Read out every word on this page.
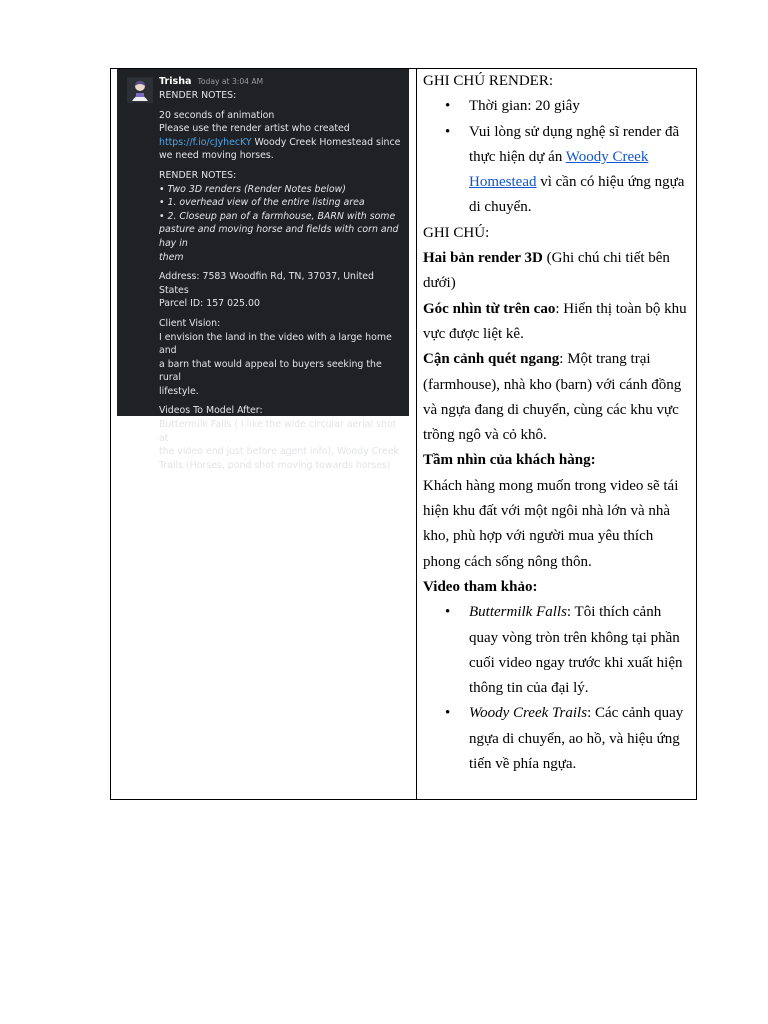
Trisha Today at 3:04 AM

RENDER NOTES:

20 seconds of animation

Please use the render artist who created

https://f.io/cJyhecKY Woody Creek Homestead since

we need moving horses.

RENDER NOTES:

• Two 3D renders (Render Notes below)

• 1. overhead view of the entire listing area

• 2. Closeup pan of a farmhouse, BARN with some

pasture and moving horse and fields with corn and hay in

them

Address: 7583 Woodfin Rd, TN, 37037, United States

Parcel ID: 157 025.00

Client Vision:

I envision the land in the video with a large home and

a barn that would appeal to buyers seeking the rural

lifestyle.

Videos To Model After:

Buttermilk Falls ( I like the wide circular aerial shot at

the video end just before agent info), Woody Creek

Trails (Horses, pond shot moving towards horses)

GHI CHÚ RENDER:
• Thời gian: 20 giây
• Vui lòng sử dụng nghệ sĩ render đã thực hiện dự án Woody Creek Homestead vì cần có hiệu ứng ngựa di chuyển.
GHI CHÚ:
Hai bản render 3D (Ghi chú chi tiết bên dưới)
Góc nhìn từ trên cao: Hiển thị toàn bộ khu vực được liệt kê.
Cận cảnh quét ngang: Một trang trại (farmhouse), nhà kho (barn) với cánh đồng và ngựa đang di chuyển, cùng các khu vực trồng ngô và cỏ khô.
Tầm nhìn của khách hàng:
Khách hàng mong muốn trong video sẽ tái hiện khu đất với một ngôi nhà lớn và nhà kho, phù hợp với người mua yêu thích phong cách sống nông thôn.
Video tham khảo:
• Buttermilk Falls: Tôi thích cảnh quay vòng tròn trên không tại phần cuối video ngay trước khi xuất hiện thông tin của đại lý.
• Woody Creek Trails: Các cảnh quay ngựa di chuyển, ao hồ, và hiệu ứng tiến về phía ngựa.
